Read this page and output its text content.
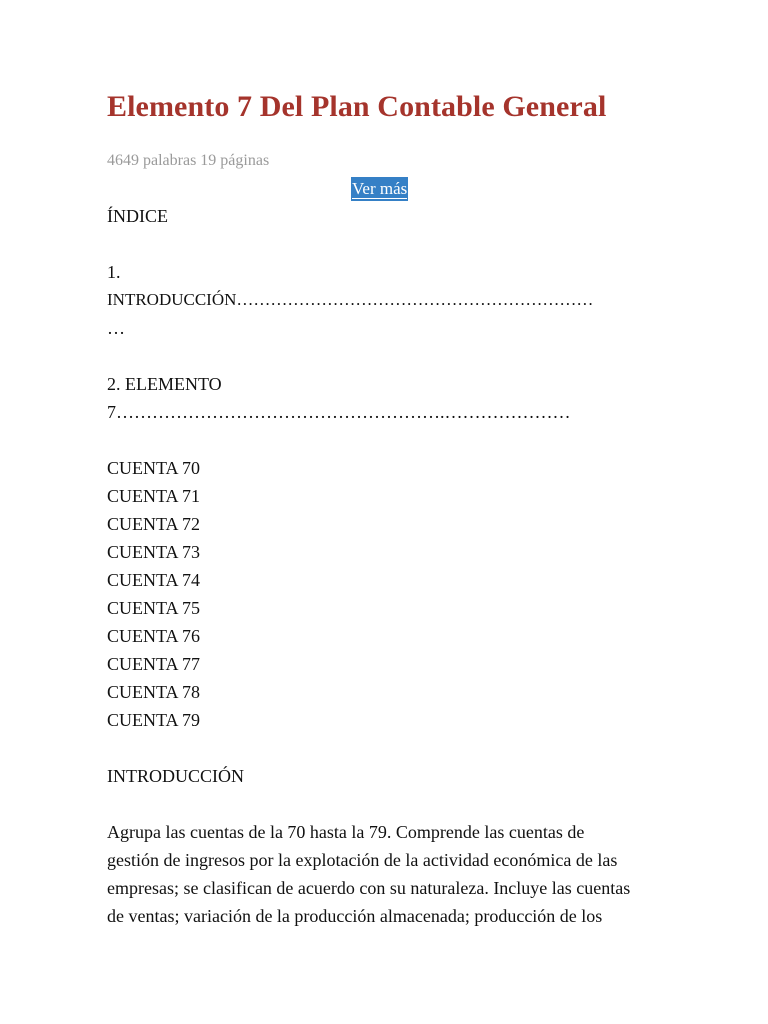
Elemento 7 Del Plan Contable General
4649 palabras 19 páginas
Ver más
ÍNDICE
1.
INTRODUCCIÓN………………………………………………………
…
2. ELEMENTO
7……………………………………………….…………………
CUENTA 70
CUENTA 71
CUENTA 72
CUENTA 73
CUENTA 74
CUENTA 75
CUENTA 76
CUENTA 77
CUENTA 78
CUENTA 79
INTRODUCCIÓN
Agrupa las cuentas de la 70 hasta la 79. Comprende las cuentas de
gestión de ingresos por la explotación de la actividad económica de las
empresas; se clasifican de acuerdo con su naturaleza. Incluye las cuentas
de ventas; variación de la producción almacenada; producción de los
